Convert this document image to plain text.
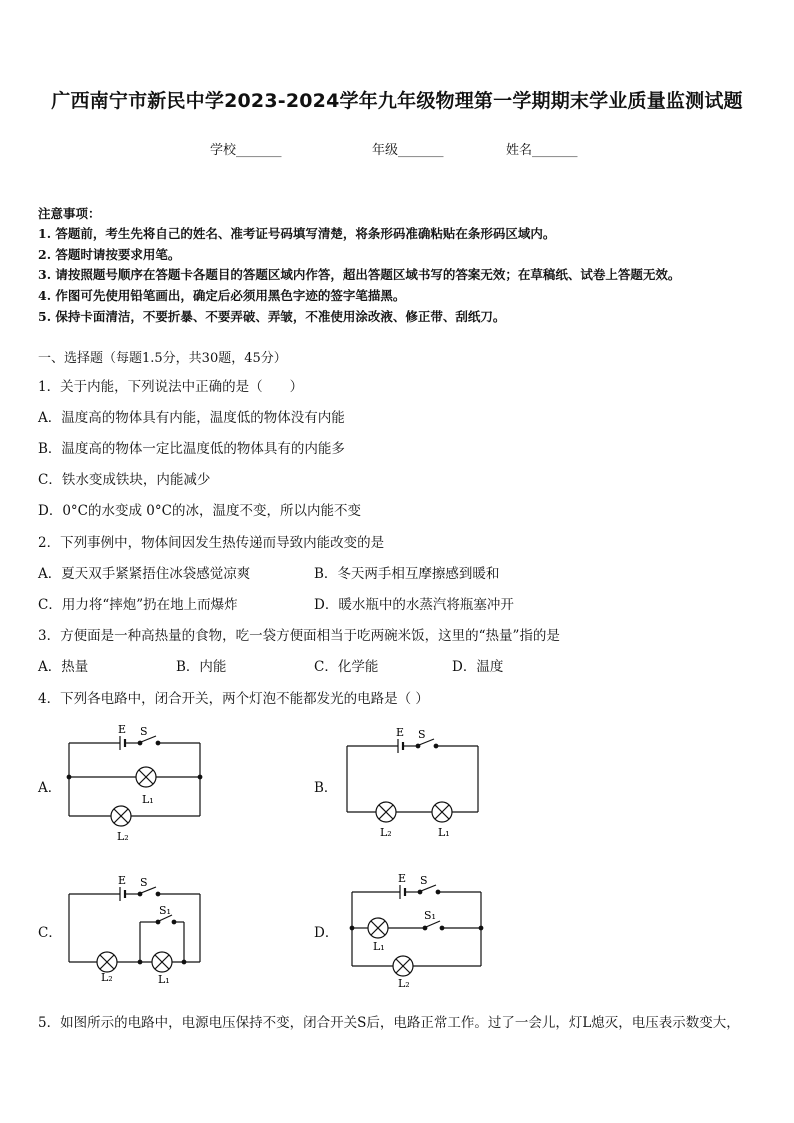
广西南宁市新民中学2023-2024学年九年级物理第一学期期末学业质量监测试题
学校_______	年级_______	姓名_______
注意事项：
1. 答题前，考生先将自己的姓名、准考证号码填写清楚，将条形码准确粘贴在条形码区域内。
2. 答题时请按要求用笔。
3. 请按照题号顺序在答题卡各题目的答题区域内作答，超出答题区域书写的答案无效；在草稿纸、试卷上答题无效。
4. 作图可先使用铅笔画出，确定后必须用黑色字迹的签字笔描黑。
5. 保持卡面清洁，不要折暴、不要弄破、弄皱，不准使用涂改液、修正带、刮纸刀。
一、选择题（每题1.5分，共30题，45分）
1．关于内能，下列说法中正确的是（　　）
A．温度高的物体具有内能，温度低的物体没有内能
B．温度高的物体一定比温度低的物体具有的内能多
C．铁水变成铁块，内能减少
D．0°C的水变成 0°C的冰，温度不变，所以内能不变
2．下列事例中，物体间因发生热传递而导致内能改变的是
A．夏天双手紧紧捂住冰袋感觉凉爽	B．冬天两手相互摩擦感到暖和
C．用力将“摔炮”扔在地上而爆炸	D．暖水瓶中的水蒸汽将瓶塞冲开
3．方便面是一种高热量的食物，吃一袋方便面相当于吃两碗米饭，这里的“热量”指的是
A．热量	B．内能	C．化学能	D．温度
4．下列各电路中，闭合开关，两个灯泡不能都发光的电路是（ ）
A．	B．
C．	D．
E S
L₁
L₂
E S
L₂	L₁
E S
S₁
L₂	L₁
E S
S₁
L₁
L₂
5．如图所示的电路中，电源电压保持不变，闭合开关S后，电路正常工作。过了一会儿，灯L熄灭，电压表示数变大，
